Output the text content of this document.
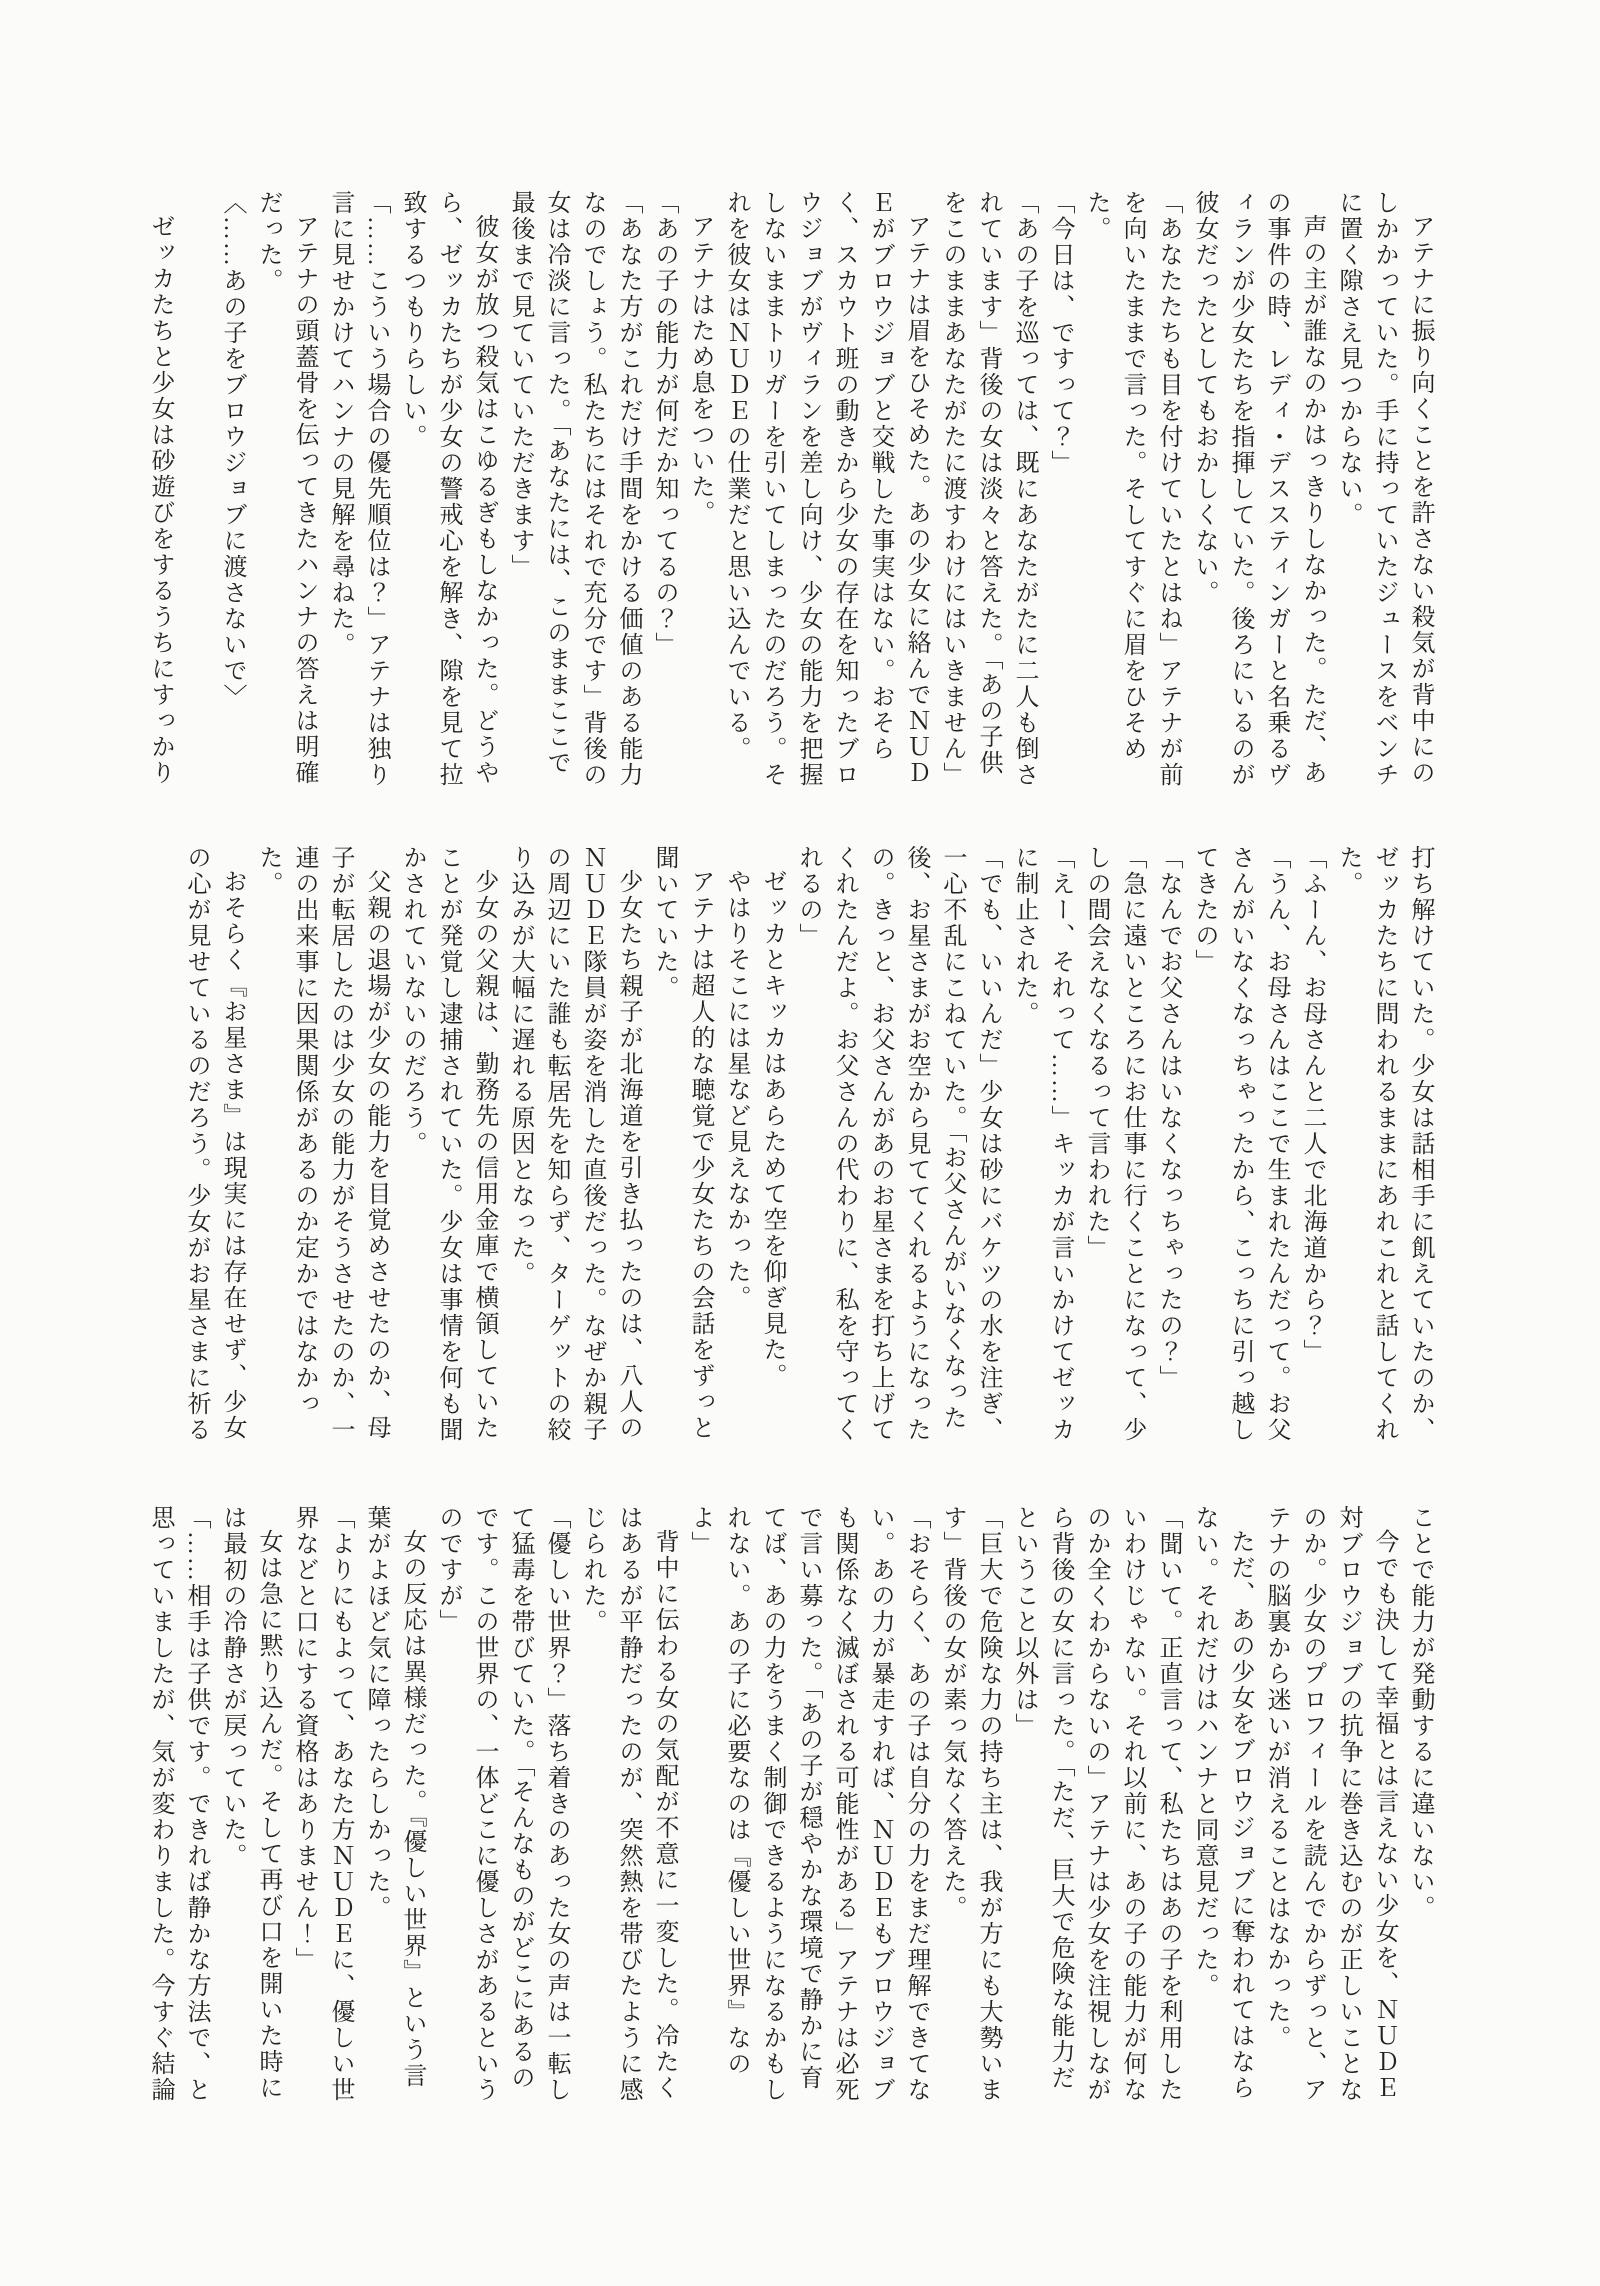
アテナに振り向くことを許さない殺気が背中にのしかかっていた。手に持っていたジュースをベンチに置く隙さえ見つからない。

声の主が誰なのかはっきりしなかった。ただ、あの事件の時、レディ・デススティンガーと名乗るヴィランが少女たちを指揮していた。後ろにいるのが彼女だったとしてもおかしくない。

「あなたたちも目を付けていたとはね」アテナが前を向いたままで言った。そしてすぐに眉をひそめた。

「今日は、ですって？」

「あの子を巡っては、既にあなたがたに二人も倒されています」背後の女は淡々と答えた。「あの子供をこのままあなたがたに渡すわけにはいきません」

アテナは眉をひそめた。あの少女に絡んでＮＵＤＥがブロウジョブと交戦した事実はない。おそらく、スカウト班の動きから少女の存在を知ったブロウジョブがヴィランを差し向け、少女の能力を把握しないままトリガーを引いてしまったのだろう。それを彼女はＮＵＤＥの仕業だと思い込んでいる。

アテナはため息をついた。

「あの子の能力が何だか知ってるの？」

「あなた方がこれだけ手間をかける価値のある能力なのでしょう。私たちにはそれで充分です」背後の女は冷淡に言った。「あなたには、このままここで最後まで見ていていただきます」

彼女が放つ殺気はこゆるぎもしなかった。どうやら、ゼッカたちが少女の警戒心を解き、隙を見て拉致するつもりらしい。

「……こういう場合の優先順位は？」アテナは独り言に見せかけてハンナの見解を尋ねた。

アテナの頭蓋骨を伝ってきたハンナの答えは明確だった。

〈……あの子をブロウジョブに渡さないで〉

ゼッカたちと少女は砂遊びをするうちにすっかり

打ち解けていた。少女は話相手に飢えていたのか、ゼッカたちに問われるままにあれこれと話してくれた。

「ふーん、お母さんと二人で北海道から？」

「うん、お母さんはここで生まれたんだって。お父さんがいなくなっちゃったから、こっちに引っ越してきたの」

「なんでお父さんはいなくなっちゃったの？」

「急に遠いところにお仕事に行くことになって、少しの間会えなくなるって言われた」

「えー、それって……」キッカが言いかけてゼッカに制止された。

「でも、いいんだ」少女は砂にバケツの水を注ぎ、一心不乱にこねていた。「お父さんがいなくなった後、お星さまがお空から見ててくれるようになったの。きっと、お父さんがあのお星さまを打ち上げてくれたんだよ。お父さんの代わりに、私を守ってくれるの」

ゼッカとキッカはあらためて空を仰ぎ見た。

やはりそこには星など見えなかった。

アテナは超人的な聴覚で少女たちの会話をずっと聞いていた。

少女たち親子が北海道を引き払ったのは、八人のＮＵＤＥ隊員が姿を消した直後だった。なぜか親子の周辺にいた誰も転居先を知らず、ターゲットの絞り込みが大幅に遅れる原因となった。

少女の父親は、勤務先の信用金庫で横領していたことが発覚し逮捕されていた。少女は事情を何も聞かされていないのだろう。

父親の退場が少女の能力を目覚めさせたのか、母子が転居したのは少女の能力がそうさせたのか、一連の出来事に因果関係があるのか定かではなかった。

おそらく『お星さま』は現実には存在せず、少女の心が見せているのだろう。少女がお星さまに祈る

ことで能力が発動するに違いない。

今でも決して幸福とは言えない少女を、ＮＵＤＥ対ブロウジョブの抗争に巻き込むのが正しいことなのか。少女のプロフィールを読んでからずっと、アテナの脳裏から迷いが消えることはなかった。

ただ、あの少女をブロウジョブに奪われてはならない。それだけはハンナと同意見だった。

「聞いて。正直言って、私たちはあの子を利用したいわけじゃない。それ以前に、あの子の能力が何なのか全くわからないの」アテナは少女を注視しながら背後の女に言った。「ただ、巨大で危険な能力だということ以外は」

「巨大で危険な力の持ち主は、我が方にも大勢います」背後の女が素っ気なく答えた。

「おそらく、あの子は自分の力をまだ理解できてない。あの力が暴走すれば、ＮＵＤＥもブロウジョブも関係なく滅ぼされる可能性がある」アテナは必死で言い募った。「あの子が穏やかな環境で静かに育てば、あの力をうまく制御できるようになるかもしれない。あの子に必要なのは『優しい世界』なのよ」

背中に伝わる女の気配が不意に一変した。冷たくはあるが平静だったのが、突然熱を帯びたように感じられた。

「優しい世界？」落ち着きのあった女の声は一転して猛毒を帯びていた。「そんなものがどこにあるのです。この世界の、一体どこに優しさがあるというのですが」

女の反応は異様だった。『優しい世界』という言葉がよほど気に障ったらしかった。

「よりにもよって、あなた方ＮＵＤＥに、優しい世界などと口にする資格はありません！」

女は急に黙り込んだ。そして再び口を開いた時には最初の冷静さが戻っていた。

「……相手は子供です。できれば静かな方法で、と思っていましたが、気が変わりました。今すぐ結論
